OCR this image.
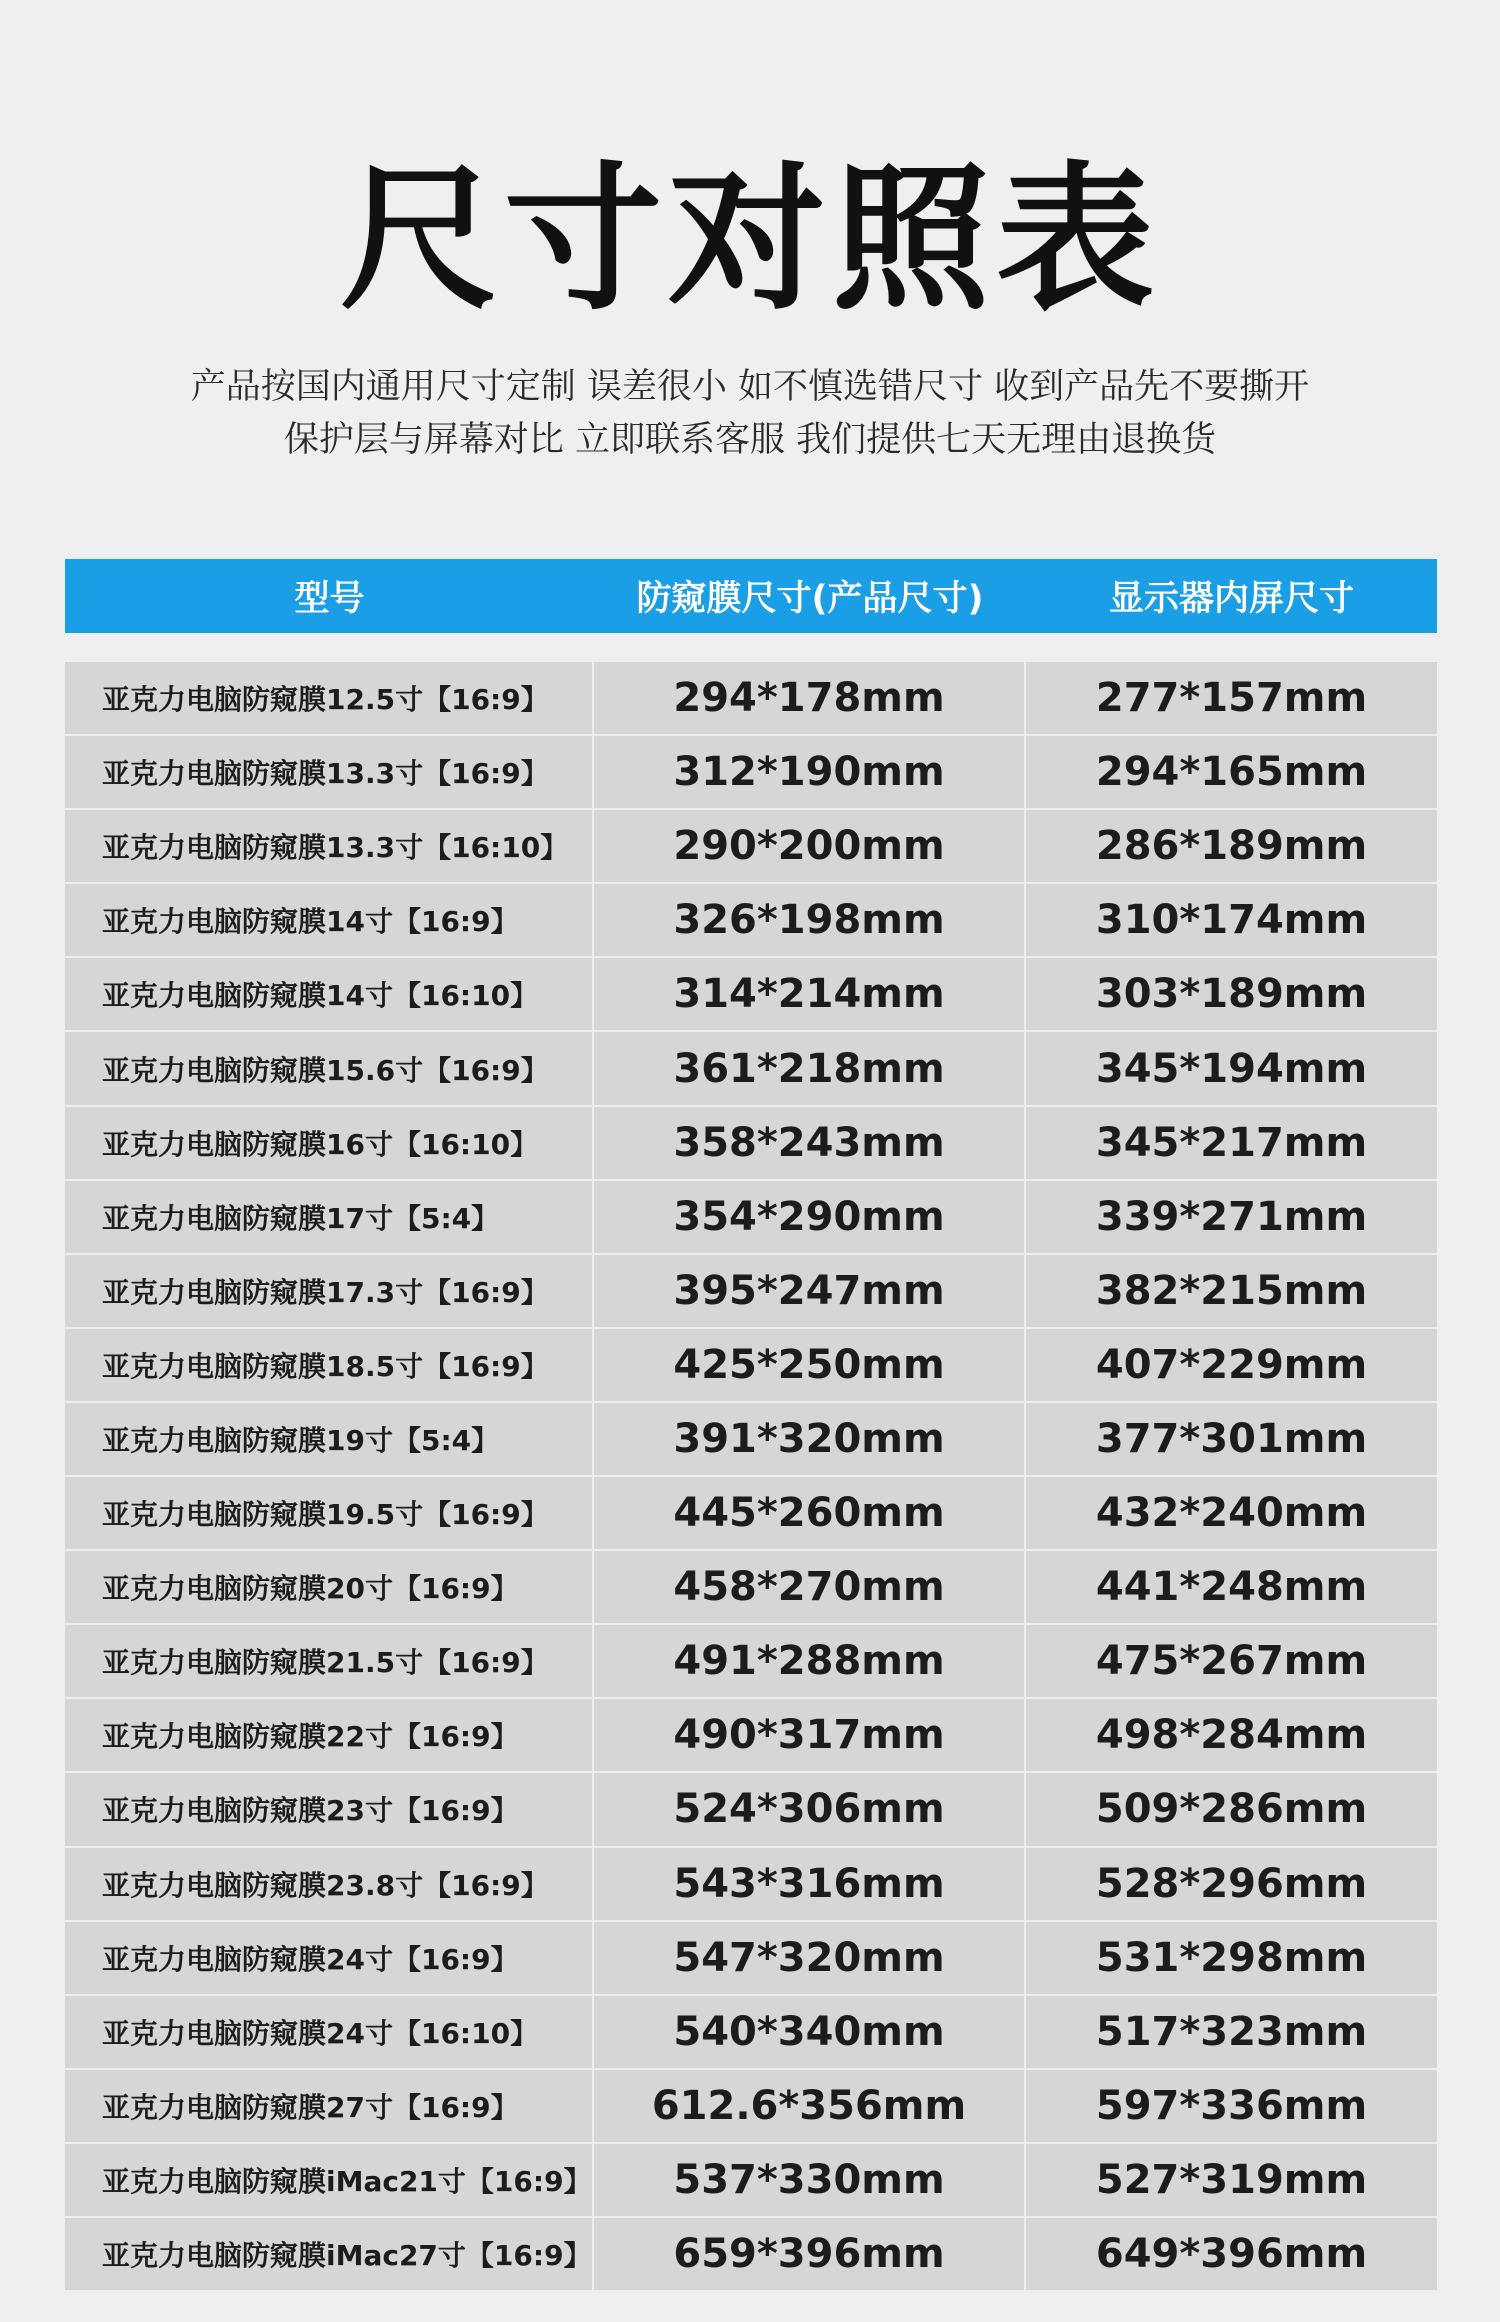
尺寸对照表
产品按国内通用尺寸定制 误差很小 如不慎选错尺寸 收到产品先不要撕开
保护层与屏幕对比 立即联系客服 我们提供七天无理由退换货
型号	防窥膜尺寸(产品尺寸)	显示器内屏尺寸
亚克力电脑防窥膜12.5寸【16:9】	294*178mm	277*157mm
亚克力电脑防窥膜13.3寸【16:9】	312*190mm	294*165mm
亚克力电脑防窥膜13.3寸【16:10】	290*200mm	286*189mm
亚克力电脑防窥膜14寸【16:9】	326*198mm	310*174mm
亚克力电脑防窥膜14寸【16:10】	314*214mm	303*189mm
亚克力电脑防窥膜15.6寸【16:9】	361*218mm	345*194mm
亚克力电脑防窥膜16寸【16:10】	358*243mm	345*217mm
亚克力电脑防窥膜17寸【5:4】	354*290mm	339*271mm
亚克力电脑防窥膜17.3寸【16:9】	395*247mm	382*215mm
亚克力电脑防窥膜18.5寸【16:9】	425*250mm	407*229mm
亚克力电脑防窥膜19寸【5:4】	391*320mm	377*301mm
亚克力电脑防窥膜19.5寸【16:9】	445*260mm	432*240mm
亚克力电脑防窥膜20寸【16:9】	458*270mm	441*248mm
亚克力电脑防窥膜21.5寸【16:9】	491*288mm	475*267mm
亚克力电脑防窥膜22寸【16:9】	490*317mm	498*284mm
亚克力电脑防窥膜23寸【16:9】	524*306mm	509*286mm
亚克力电脑防窥膜23.8寸【16:9】	543*316mm	528*296mm
亚克力电脑防窥膜24寸【16:9】	547*320mm	531*298mm
亚克力电脑防窥膜24寸【16:10】	540*340mm	517*323mm
亚克力电脑防窥膜27寸【16:9】	612.6*356mm	597*336mm
亚克力电脑防窥膜iMac21寸【16:9】	537*330mm	527*319mm
亚克力电脑防窥膜iMac27寸【16:9】	659*396mm	649*396mm
